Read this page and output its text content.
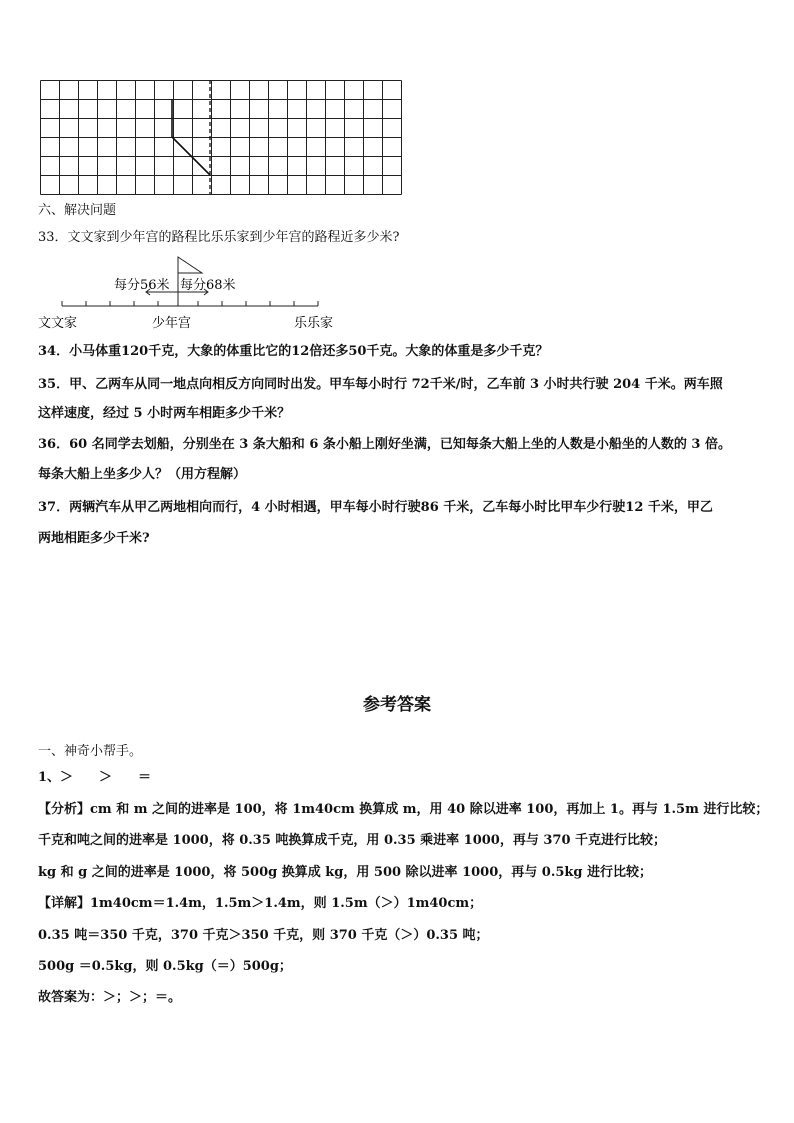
六、解决问题
33．文文家到少年宫的路程比乐乐家到少年宫的路程近多少米?
每分56米 每分68米
文文家	少年宫	乐乐家
34．小马体重120千克，大象的体重比它的12倍还多50千克。大象的体重是多少千克？
35．甲、乙两车从同一地点向相反方向同时出发。甲车每小时行 72千米/时，乙车前 3 小时共行驶 204 千米。两车照
这样速度，经过 5 小时两车相距多少千米？
36．60 名同学去划船，分别坐在 3 条大船和 6 条小船上刚好坐满，已知每条大船上坐的人数是小船坐的人数的 3 倍。
每条大船上坐多少人？（用方程解）
37．两辆汽车从甲乙两地相向而行，4 小时相遇，甲车每小时行驶86 千米，乙车每小时比甲车少行驶12 千米，甲乙
两地相距多少千米?
参考答案
一、神奇小帮手。
1、＞　　＞　　＝
【分析】cm 和 m 之间的进率是 100，将 1m40cm 换算成 m，用 40 除以进率 100，再加上 1。再与 1.5m 进行比较；
千克和吨之间的进率是 1000，将 0.35 吨换算成千克，用 0.35 乘进率 1000，再与 370 千克进行比较；
kg 和 g 之间的进率是 1000，将 500g 换算成 kg，用 500 除以进率 1000，再与 0.5kg 进行比较；
【详解】1m40cm＝1.4m，1.5m＞1.4m，则 1.5m（＞）1m40cm；
0.35 吨＝350 千克，370 千克＞350 千克，则 370 千克（＞）0.35 吨；
500g ＝0.5kg，则 0.5kg（＝）500g；
故答案为：＞；＞；＝。
